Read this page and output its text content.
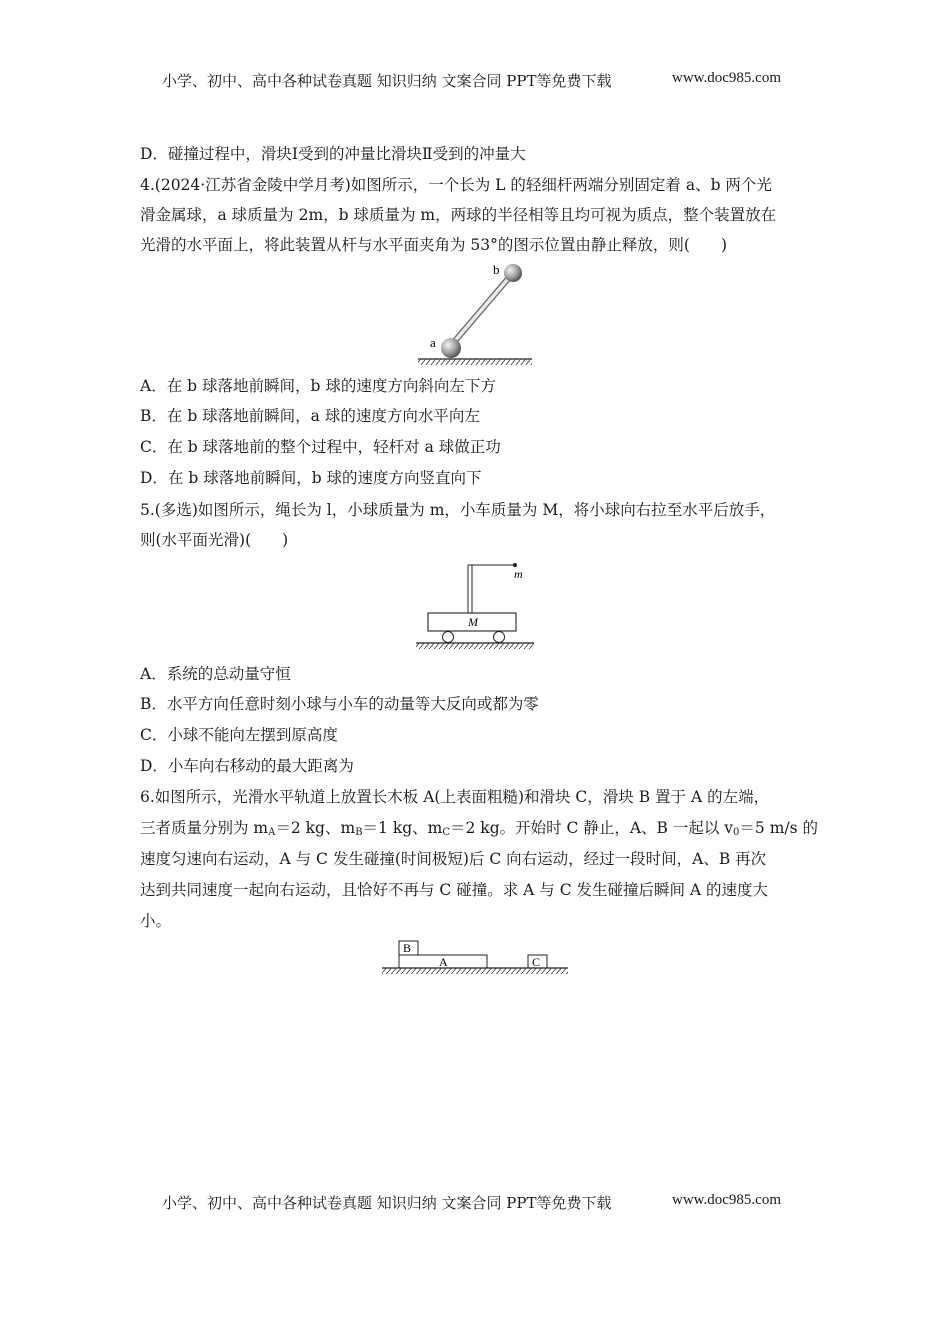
小学、初中、高中各种试卷真题 知识归纳 文案合同 PPT等免费下载	www.doc985.com
D．碰撞过程中，滑块Ⅰ受到的冲量比滑块Ⅱ受到的冲量大
4.(2024·江苏省金陵中学月考)如图所示，一个长为 L 的轻细杆两端分别固定着 a、b 两个光
滑金属球，a 球质量为 2m，b 球质量为 m，两球的半径相等且均可视为质点，整个装置放在
光滑的水平面上，将此装置从杆与水平面夹角为 53°的图示位置由静止释放，则(　　)
a
b
A．在 b 球落地前瞬间，b 球的速度方向斜向左下方
B．在 b 球落地前瞬间，a 球的速度方向水平向左
C．在 b 球落地前的整个过程中，轻杆对 a 球做正功
D．在 b 球落地前瞬间，b 球的速度方向竖直向下
5.(多选)如图所示，绳长为 l，小球质量为 m，小车质量为 M，将小球向右拉至水平后放手，
则(水平面光滑)(　　)
m
M
A．系统的总动量守恒
B．水平方向任意时刻小球与小车的动量等大反向或都为零
C．小球不能向左摆到原高度
D．小车向右移动的最大距离为
6.如图所示，光滑水平轨道上放置长木板 A(上表面粗糙)和滑块 C，滑块 B 置于 A 的左端，
三者质量分别为 $m_A=2$ kg、$m_B=1$ kg、$m_C=2$ kg。开始时 C 静止，A、B 一起以 $v_0=5$ m/s 的
速度匀速向右运动，A 与 C 发生碰撞(时间极短)后 C 向右运动，经过一段时间，A、B 再次
达到共同速度一起向右运动，且恰好不再与 C 碰撞。求 A 与 C 发生碰撞后瞬间 A 的速度大
小。
B
A	C
小学、初中、高中各种试卷真题 知识归纳 文案合同 PPT等免费下载	www.doc985.com
